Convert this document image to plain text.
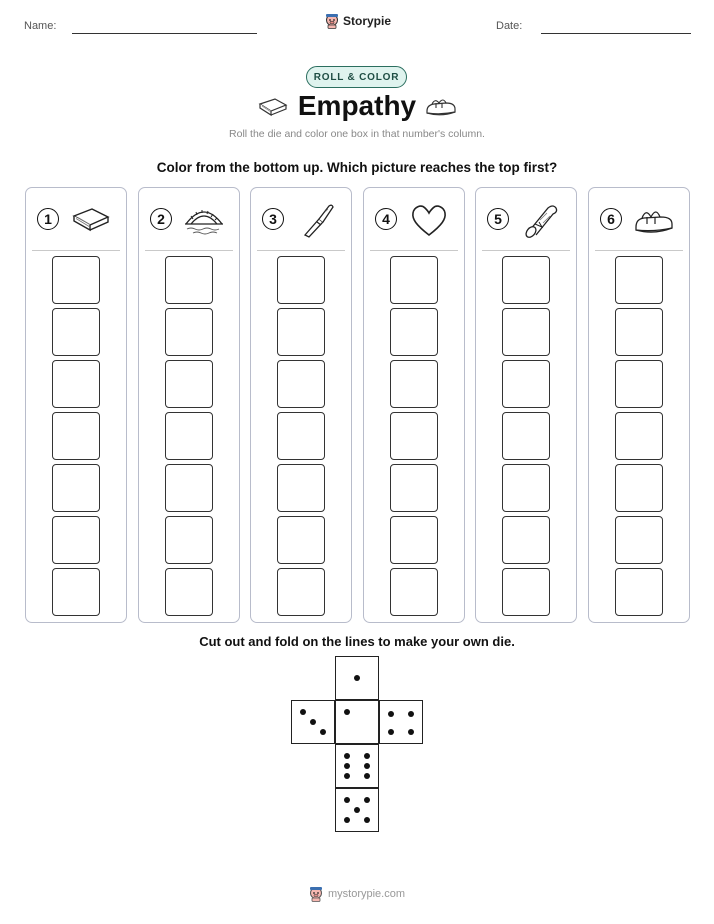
Name:	Storypie	Date:
ROLL & COLOR
Empathy
Roll the die and color one box in that number's column.
Color from the bottom up. Which picture reaches the top first?
1	2	3	4	5	6
Cut out and fold on the lines to make your own die.
mystorypie.com
